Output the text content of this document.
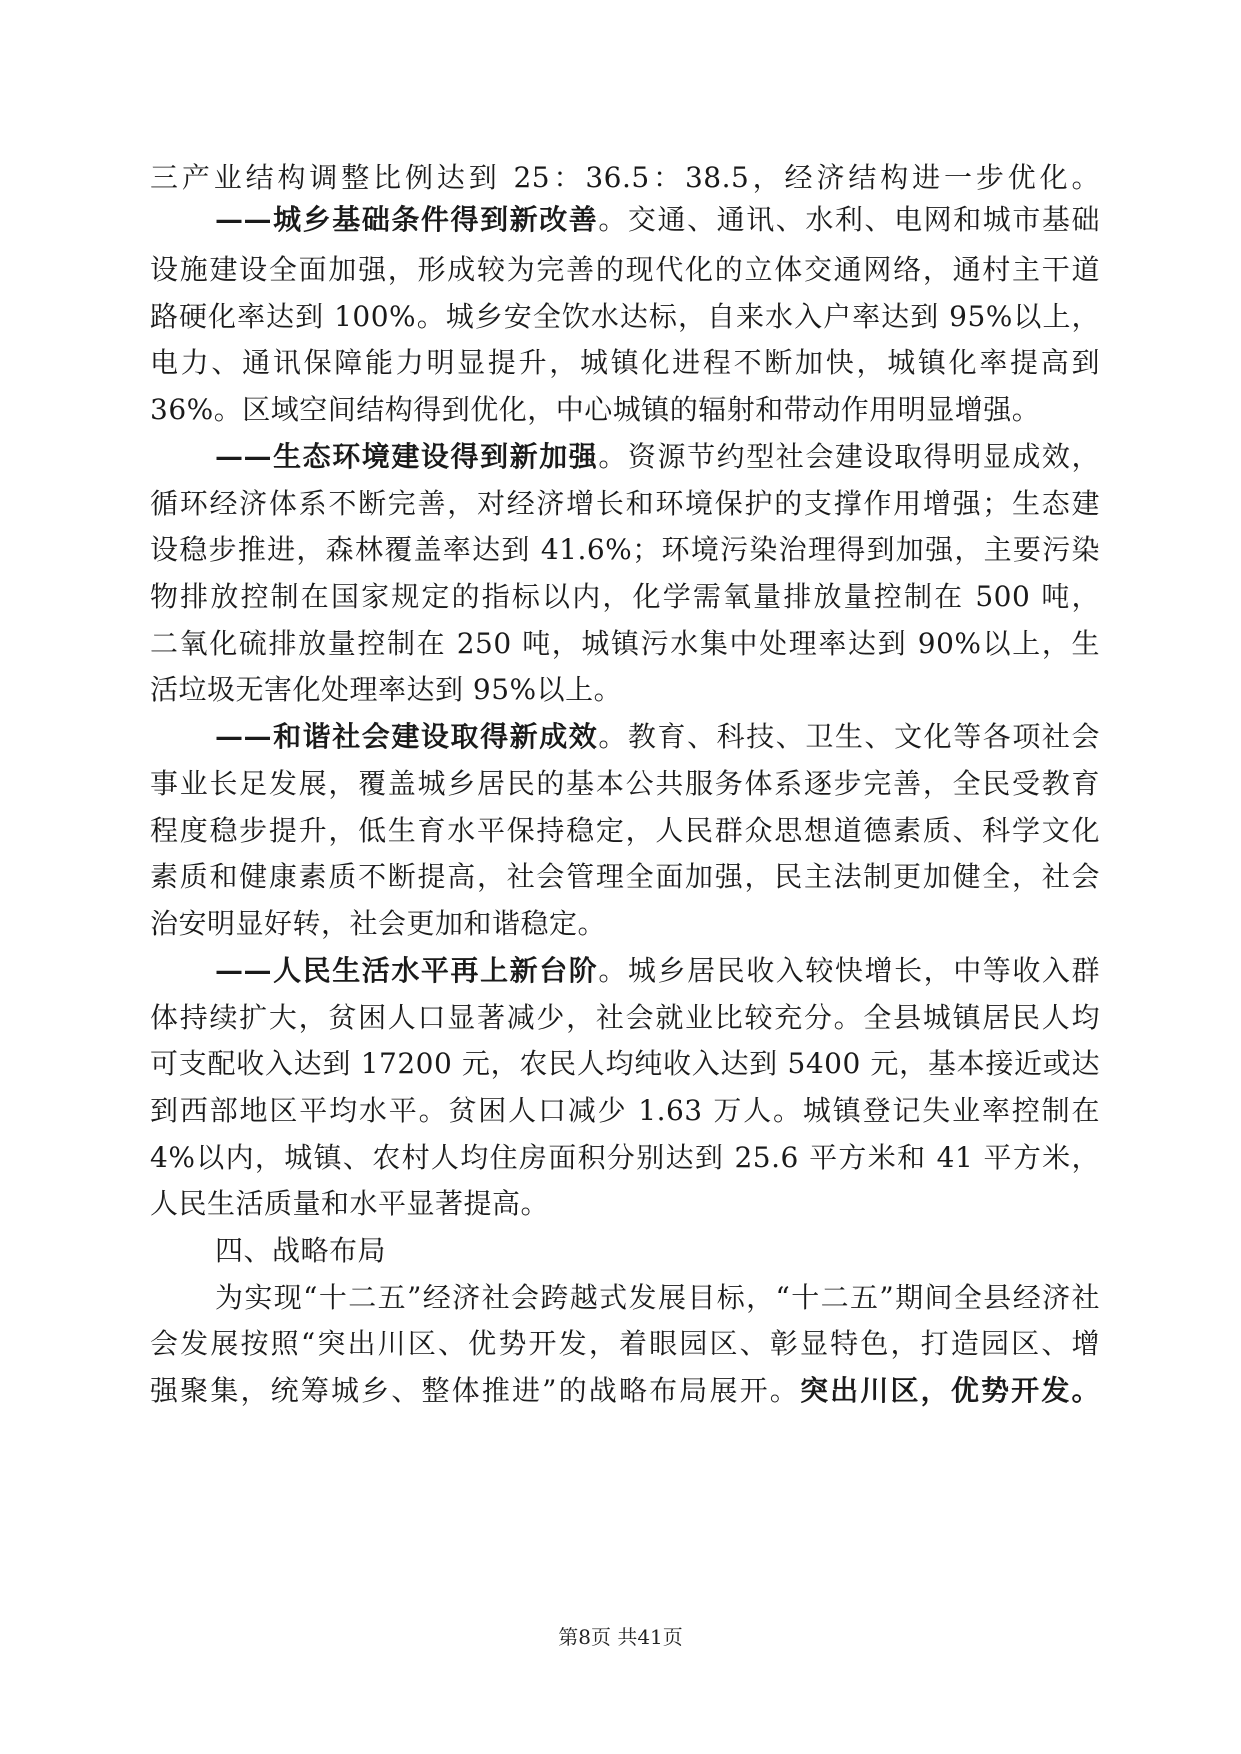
三产业结构调整比例达到 25：36.5：38.5，经济结构进一步优化。
——城乡基础条件得到新改善。交通、通讯、水利、电网和城市基础
设施建设全面加强，形成较为完善的现代化的立体交通网络，通村主干道
路硬化率达到 100%。城乡安全饮水达标，自来水入户率达到 95%以上，
电力、通讯保障能力明显提升，城镇化进程不断加快，城镇化率提高到
36%。区域空间结构得到优化，中心城镇的辐射和带动作用明显增强。
——生态环境建设得到新加强。资源节约型社会建设取得明显成效，
循环经济体系不断完善，对经济增长和环境保护的支撑作用增强；生态建
设稳步推进，森林覆盖率达到 41.6%；环境污染治理得到加强，主要污染
物排放控制在国家规定的指标以内，化学需氧量排放量控制在 500 吨，
二氧化硫排放量控制在 250 吨，城镇污水集中处理率达到 90%以上，生
活垃圾无害化处理率达到 95%以上。
——和谐社会建设取得新成效。教育、科技、卫生、文化等各项社会
事业长足发展，覆盖城乡居民的基本公共服务体系逐步完善，全民受教育
程度稳步提升，低生育水平保持稳定，人民群众思想道德素质、科学文化
素质和健康素质不断提高，社会管理全面加强，民主法制更加健全，社会
治安明显好转，社会更加和谐稳定。
——人民生活水平再上新台阶。城乡居民收入较快增长，中等收入群
体持续扩大，贫困人口显著减少，社会就业比较充分。全县城镇居民人均
可支配收入达到 17200 元，农民人均纯收入达到 5400 元，基本接近或达
到西部地区平均水平。贫困人口减少 1.63 万人。城镇登记失业率控制在
4%以内，城镇、农村人均住房面积分别达到 25.6 平方米和 41 平方米，
人民生活质量和水平显著提高。
四、战略布局
为实现“十二五”经济社会跨越式发展目标，“十二五”期间全县经济社
会发展按照“突出川区、优势开发，着眼园区、彰显特色，打造园区、增
强聚集，统筹城乡、整体推进”的战略布局展开。突出川区，优势开发。
第8页 共41页
